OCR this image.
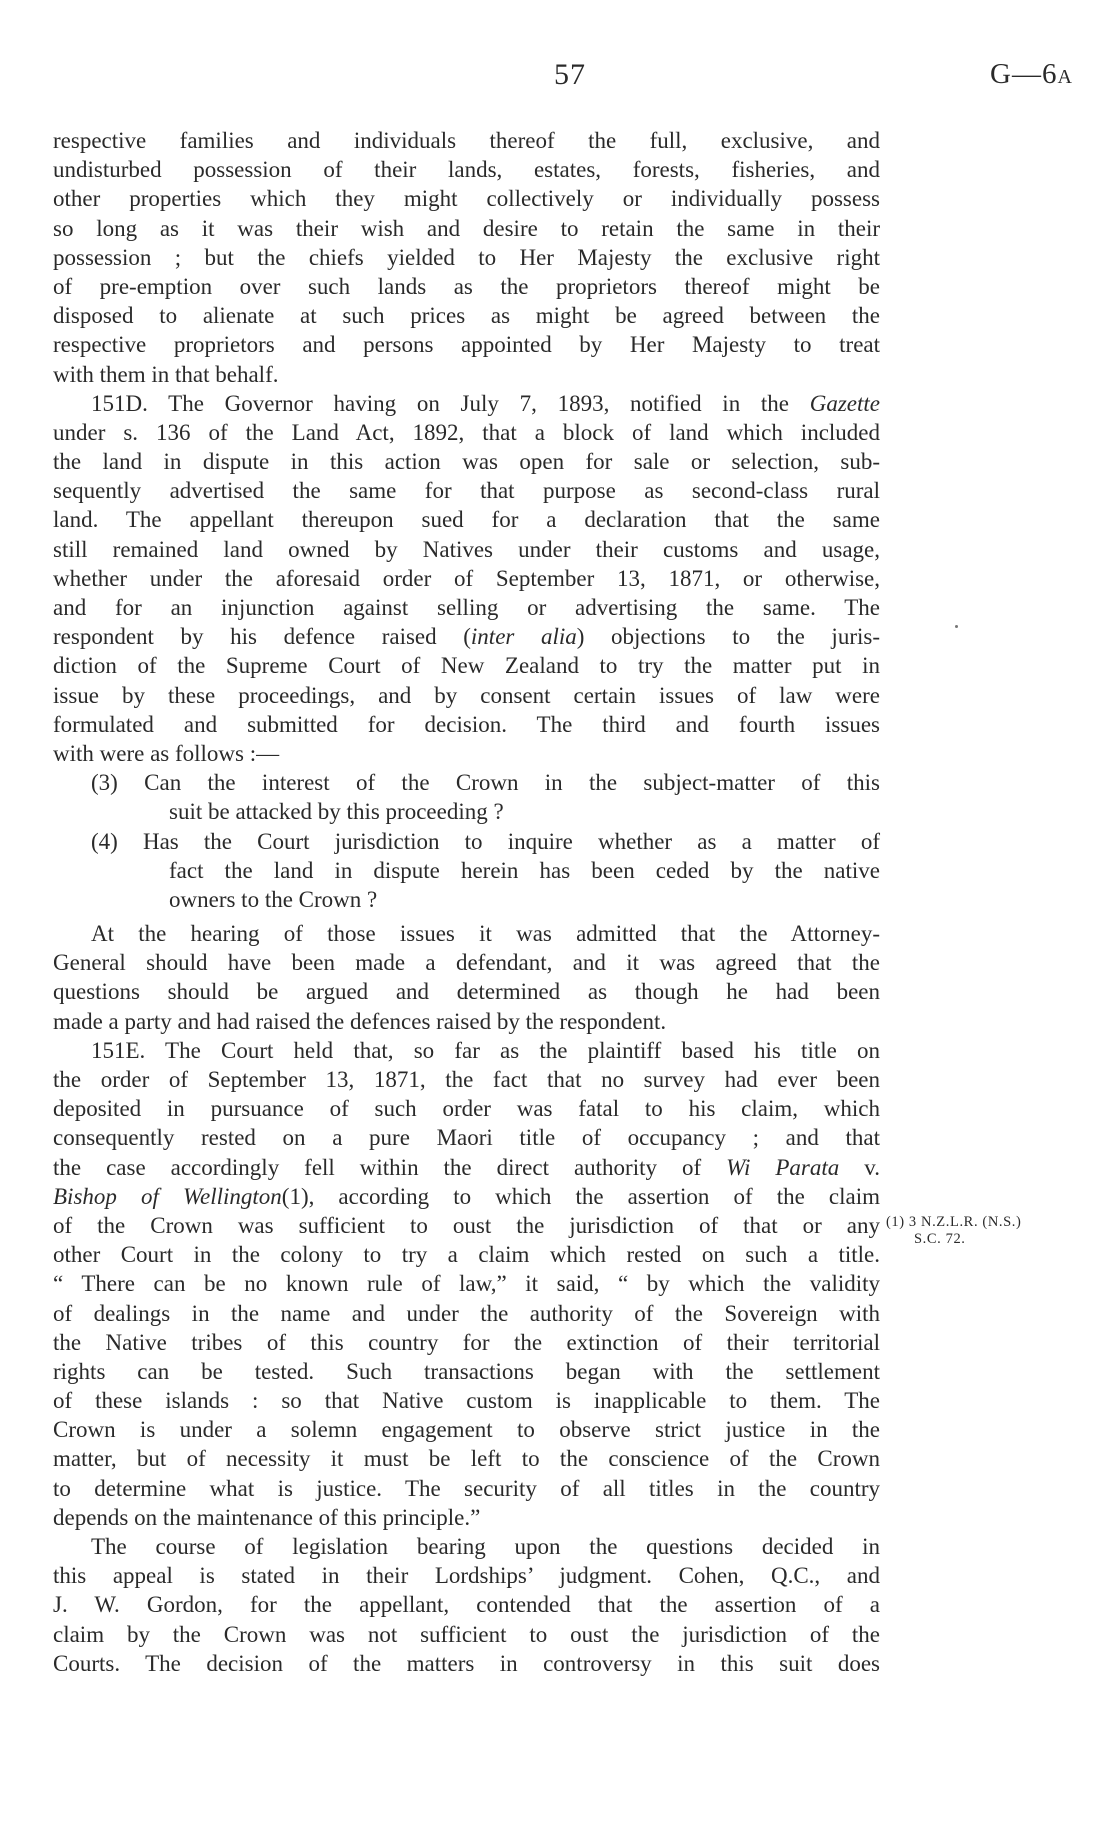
57	G—6A
respective families and individuals thereof the full, exclusive, and
undisturbed possession of their lands, estates, forests, fisheries, and
other properties which they might collectively or individually possess
so long as it was their wish and desire to retain the same in their
possession ; but the chiefs yielded to Her Majesty the exclusive right
of pre-emption over such lands as the proprietors thereof might be
disposed to alienate at such prices as might be agreed between the
respective proprietors and persons appointed by Her Majesty to treat
with them in that behalf.
151D. The Governor having on July 7, 1893, notified in the Gazette
under s. 136 of the Land Act, 1892, that a block of land which included
the land in dispute in this action was open for sale or selection, sub-
sequently advertised the same for that purpose as second-class rural
land. The appellant thereupon sued for a declaration that the same
still remained land owned by Natives under their customs and usage,
whether under the aforesaid order of September 13, 1871, or otherwise,
and for an injunction against selling or advertising the same. The
respondent by his defence raised (inter alia) objections to the juris-
diction of the Supreme Court of New Zealand to try the matter put in
issue by these proceedings, and by consent certain issues of law were
formulated and submitted for decision. The third and fourth issues
with were as follows :—
(3) Can the interest of the Crown in the subject-matter of this
suit be attacked by this proceeding ?
(4) Has the Court jurisdiction to inquire whether as a matter of
fact the land in dispute herein has been ceded by the native
owners to the Crown ?
At the hearing of those issues it was admitted that the Attorney-
General should have been made a defendant, and it was agreed that the
questions should be argued and determined as though he had been
made a party and had raised the defences raised by the respondent.
151E. The Court held that, so far as the plaintiff based his title on
the order of September 13, 1871, the fact that no survey had ever been
deposited in pursuance of such order was fatal to his claim, which
consequently rested on a pure Maori title of occupancy ; and that
the case accordingly fell within the direct authority of Wi Parata v.
Bishop of Wellington(1), according to which the assertion of the claim
of the Crown was sufficient to oust the jurisdiction of that or any
other Court in the colony to try a claim which rested on such a title.
“ There can be no known rule of law,” it said, “ by which the validity
of dealings in the name and under the authority of the Sovereign with
the Native tribes of this country for the extinction of their territorial
rights can be tested. Such transactions began with the settlement
of these islands : so that Native custom is inapplicable to them. The
Crown is under a solemn engagement to observe strict justice in the
matter, but of necessity it must be left to the conscience of the Crown
to determine what is justice. The security of all titles in the country
depends on the maintenance of this principle.”
The course of legislation bearing upon the questions decided in
this appeal is stated in their Lordships’ judgment. Cohen, Q.C., and
J. W. Gordon, for the appellant, contended that the assertion of a
claim by the Crown was not sufficient to oust the jurisdiction of the
Courts. The decision of the matters in controversy in this suit does
(1) 3 N.Z.L.R. (N.S.)
S.C. 72.
